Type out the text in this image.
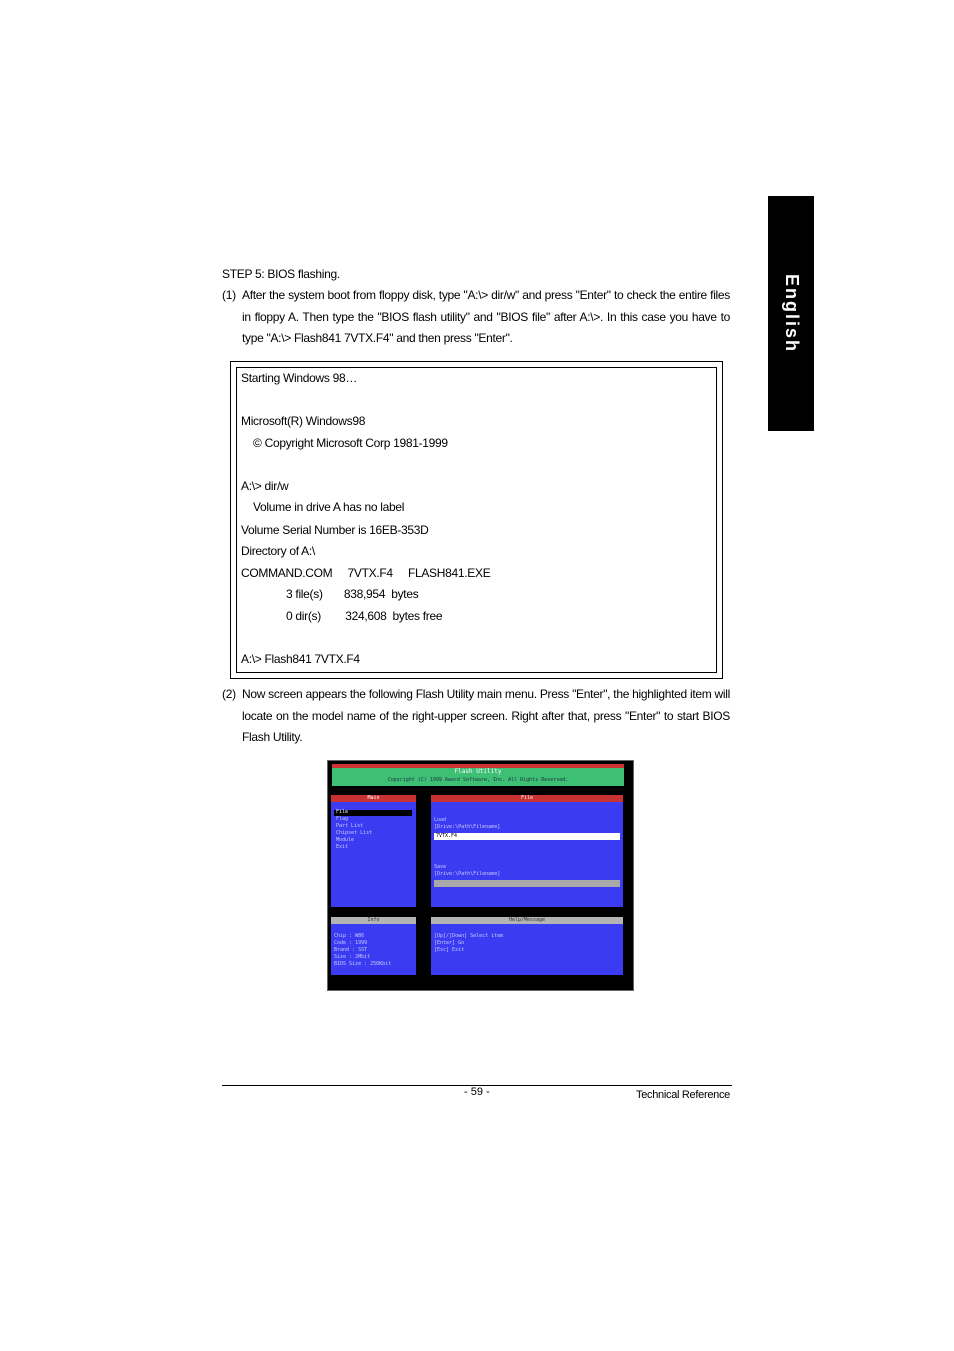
English
STEP 5: BIOS flashing.
(1) After the system boot from floppy disk, type "A:\> dir/w" and press "Enter" to check the entire files in floppy A. Then type the "BIOS flash utility" and "BIOS file" after A:\>. In this case you have to type "A:\> Flash841 7VTX.F4" and then press "Enter".
Starting Windows 98…
Microsoft(R) Windows98
© Copyright Microsoft Corp 1981-1999
A:\> dir/w
Volume in drive A has no label
Volume Serial Number is 16EB-353D
Directory of A:\
COMMAND.COM     7VTX.F4     FLASH841.EXE
3 file(s)       838,954  bytes
0 dir(s)        324,608  bytes free
A:\> Flash841 7VTX.F4
(2) Now screen appears the following Flash Utility main menu. Press "Enter", the highlighted item will locate on the model name of the right-upper screen. Right after that, press "Enter" to start BIOS Flash Utility.
Flash Utility
Copyright (C) 1999 Award Software, Inc. All Rights Reserved.
Main
File
Flag
Part List
Chipset List
Module
Exit
File
Load
[Drive:\Path\Filename]
7VTX.F4
Save
[Drive:\Path\Filename]
Info
Chip : W86
Code : 1999
Brand : SST
Size : 2Mbit
BIOS Size : 256Kbit
Help/Message
[Up]/[Down] Select item
[Enter] Go
[Esc] Exit
- 59 -	Technical Reference
